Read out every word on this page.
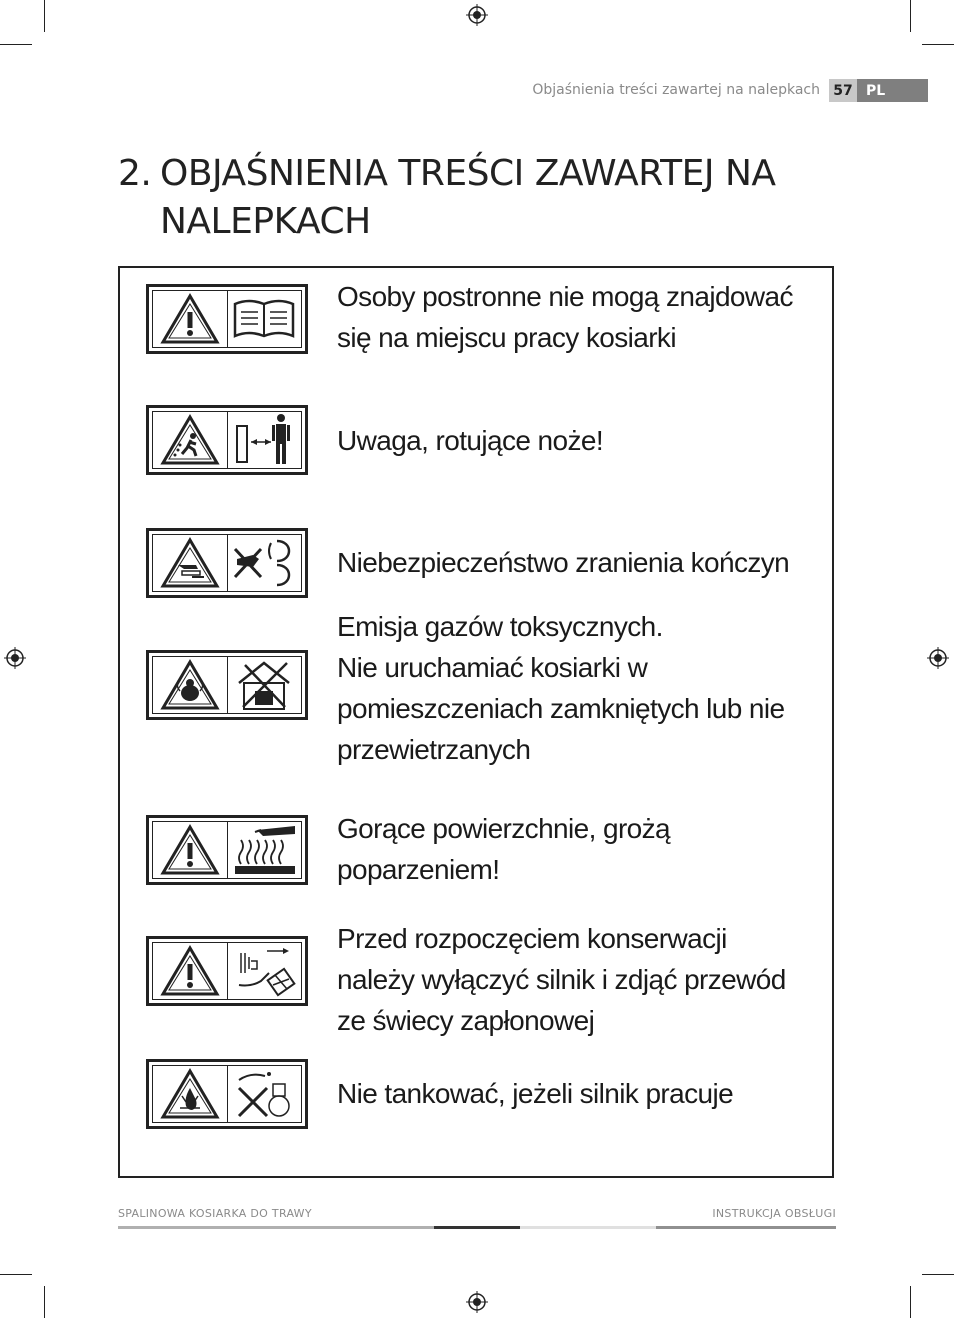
Objaśnienia treści zawartej na nalepkach 57 PL
2. OBJAŚNIENIA TREŚCI ZAWARTEJ NA
NALEPKACH
Osoby postronne nie mogą znajdować
się na miejscu pracy kosiarki
Uwaga, rotujące noże!
Niebezpieczeństwo zranienia kończyn
Emisja gazów toksycznych.
Nie uruchamiać kosiarki w
pomieszczeniach zamkniętych lub nie
przewietrzanych
Gorące powierzchnie, grożą
poparzeniem!
Przed rozpoczęciem konserwacji
należy wyłączyć silnik i zdjąć przewód
ze świecy zapłonowej
Nie tankować, jeżeli silnik pracuje
SPALINOWA KOSIARKA DO TRAWY	INSTRUKCJA OBSŁUGI
